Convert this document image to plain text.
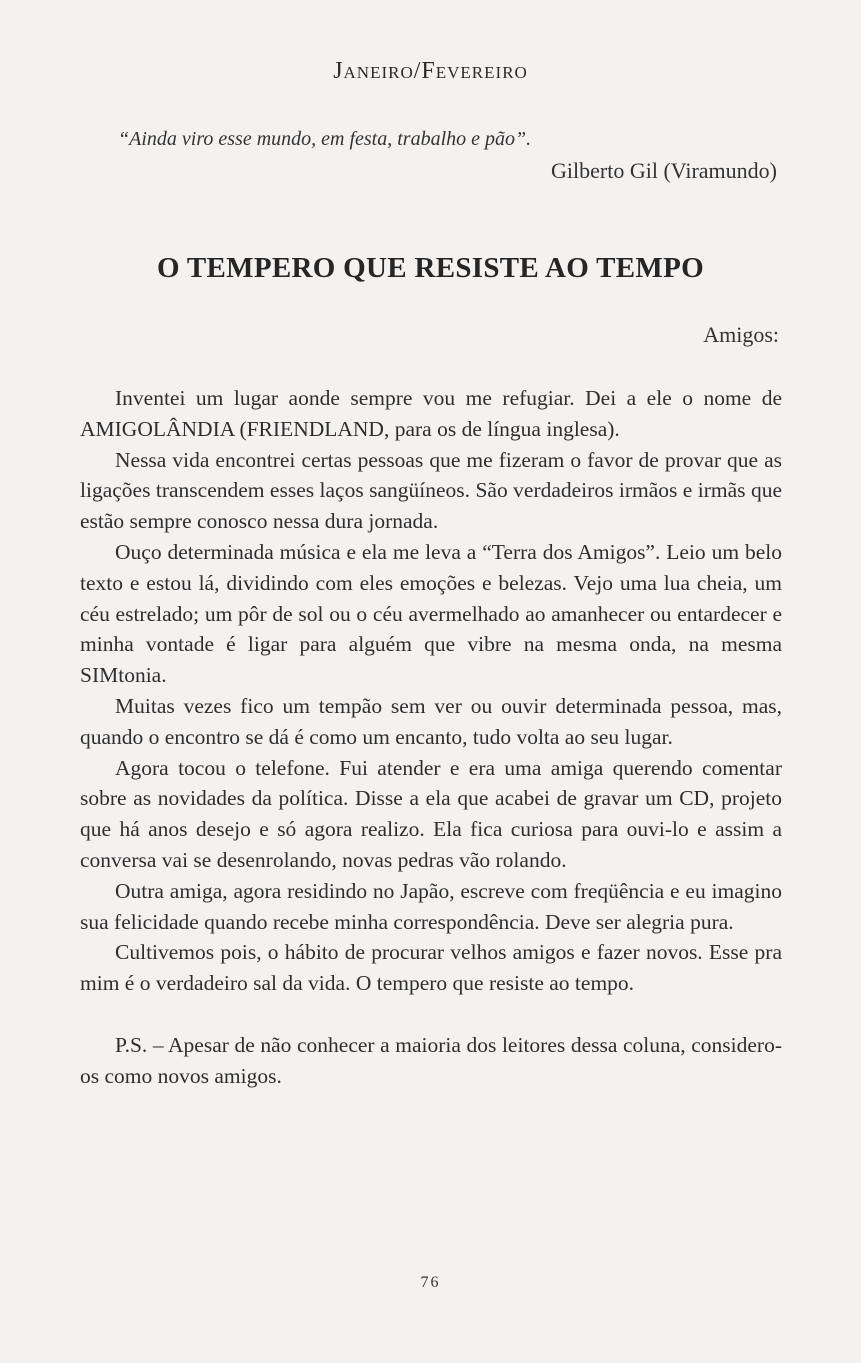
Janeiro/Fevereiro
“Ainda viro esse mundo, em festa, trabalho e pão”.
Gilberto Gil (Viramundo)
O TEMPERO QUE RESISTE AO TEMPO
Amigos:

Inventei um lugar aonde sempre vou me refugiar. Dei a ele o nome de AMIGOLÂNDIA (FRIENDLAND, para os de língua inglesa).

Nessa vida encontrei certas pessoas que me fizeram o favor de provar que as ligações transcendem esses laços sangüíneos. São verdadeiros irmãos e irmãs que estão sempre conosco nessa dura jornada.

Ouço determinada música e ela me leva a “Terra dos Amigos”. Leio um belo texto e estou lá, dividindo com eles emoções e belezas. Vejo uma lua cheia, um céu estrelado; um pôr de sol ou o céu avermelhado ao amanhecer ou entardecer e minha vontade é ligar para alguém que vibre na mesma onda, na mesma SIMtonia.

Muitas vezes fico um tempão sem ver ou ouvir determinada pessoa, mas, quando o encontro se dá é como um encanto, tudo volta ao seu lugar.

Agora tocou o telefone. Fui atender e era uma amiga querendo comentar sobre as novidades da política. Disse a ela que acabei de gravar um CD, projeto que há anos desejo e só agora realizo. Ela fica curiosa para ouvi-lo e assim a conversa vai se desenrolando, novas pedras vão rolando.

Outra amiga, agora residindo no Japão, escreve com freqüência e eu imagino sua felicidade quando recebe minha correspondência. Deve ser alegria pura.

Cultivemos pois, o hábito de procurar velhos amigos e fazer novos. Esse pra mim é o verdadeiro sal da vida. O tempero que resiste ao tempo.

P.S. – Apesar de não conhecer a maioria dos leitores dessa coluna, considero-os como novos amigos.

76
